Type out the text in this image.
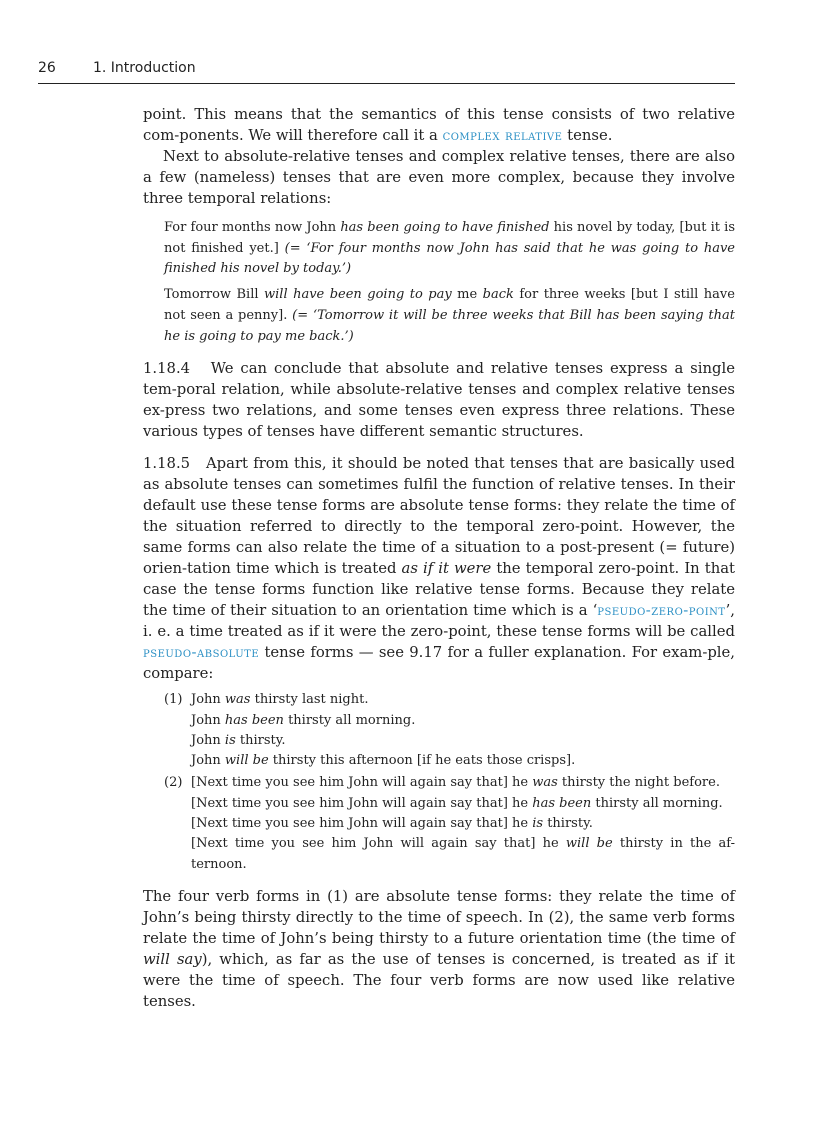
26	1. Introduction

point. This means that the semantics of this tense consists of two relative com-ponents. We will therefore call it a complex relative tense.

Next to absolute-relative tenses and complex relative tenses, there are also a few (nameless) tenses that are even more complex, because they involve three temporal relations:

For four months now John has been going to have finished his novel by today, [but it is not finished yet.] (= ‘For four months now John has said that he was going to have finished his novel by today.’)

Tomorrow Bill will have been going to pay me back for three weeks [but I still have not seen a penny]. (= ‘Tomorrow it will be three weeks that Bill has been saying that he is going to pay me back.’)

1.18.4 We can conclude that absolute and relative tenses express a single tem-poral relation, while absolute-relative tenses and complex relative tenses ex-press two relations, and some tenses even express three relations. These various types of tenses have different semantic structures.

1.18.5 Apart from this, it should be noted that tenses that are basically used as absolute tenses can sometimes fulfil the function of relative tenses. In their default use these tense forms are absolute tense forms: they relate the time of the situation referred to directly to the temporal zero-point. However, the same forms can also relate the time of a situation to a post-present (= future) orien-tation time which is treated as if it were the temporal zero-point. In that case the tense forms function like relative tense forms. Because they relate the time of their situation to an orientation time which is a ‘pseudo-zero-point’, i. e. a time treated as if it were the zero-point, these tense forms will be called pseudo-absolute tense forms — see 9.17 for a fuller explanation. For exam-ple, compare:

(1) John was thirsty last night.
John has been thirsty all morning.
John is thirsty.
John will be thirsty this afternoon [if he eats those crisps].
(2) [Next time you see him John will again say that] he was thirsty the night before.
[Next time you see him John will again say that] he has been thirsty all morning.
[Next time you see him John will again say that] he is thirsty.
[Next time you see him John will again say that] he will be thirsty in the af-ternoon.

The four verb forms in (1) are absolute tense forms: they relate the time of John’s being thirsty directly to the time of speech. In (2), the same verb forms relate the time of John’s being thirsty to a future orientation time (the time of will say), which, as far as the use of tenses is concerned, is treated as if it were the time of speech. The four verb forms are now used like relative tenses.
